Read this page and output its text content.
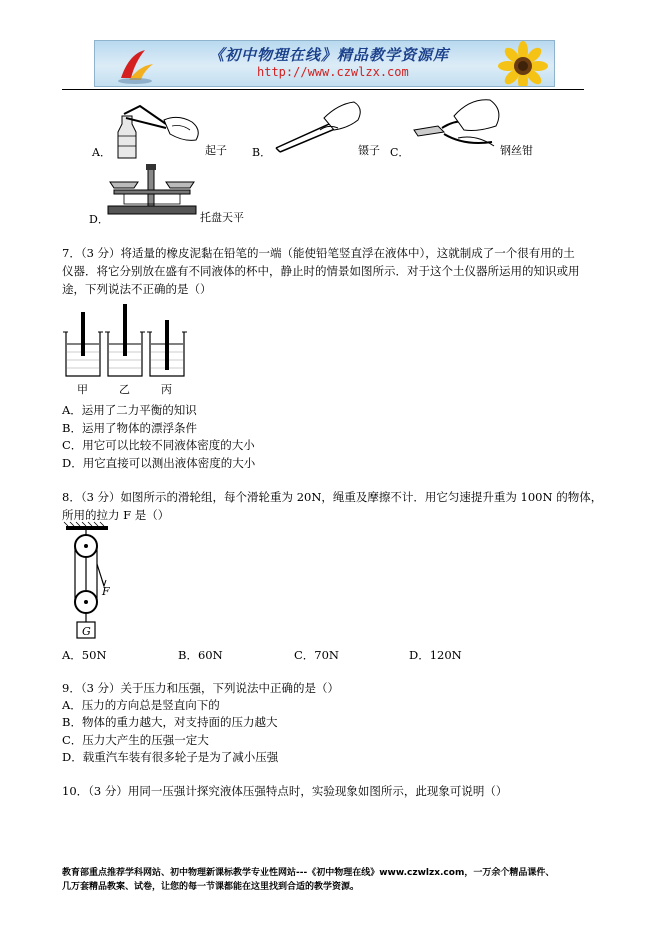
《初中物理在线》精品教学资源库
http://www.czwlzx.com
A．	起子 B．	镊子 C．	钢丝钳
D．	托盘天平
7．（3 分）将适量的橡皮泥黏在铅笔的一端（能使铅笔竖直浮在液体中），这就制成了一个很有用的土
仪器．将它分别放在盛有不同液体的杯中，静止时的情景如图所示．对于这个土仪器所运用的知识或用
途，下列说法不正确的是（）
甲	乙	丙
A．运用了二力平衡的知识
B．运用了物体的漂浮条件
C．用它可以比较不同液体密度的大小
D．用它直接可以测出液体密度的大小
8．（3 分）如图所示的滑轮组，每个滑轮重为 20N，绳重及摩擦不计．用它匀速提升重为 100N 的物体，
所用的拉力 F 是（）
F
G
A．50N	B．60N	C．70N	D．120N
9．（3 分）关于压力和压强，下列说法中正确的是（）
A．压力的方向总是竖直向下的
B．物体的重力越大，对支持面的压力越大
C．压力大产生的压强一定大
D．载重汽车装有很多轮子是为了减小压强
10．（3 分）用同一压强计探究液体压强特点时，实验现象如图所示，此现象可说明（）
教育部重点推荐学科网站、初中物理新课标教学专业性网站---《初中物理在线》www.czwlzx.com，一万余个精品课件、
几万套精品教案、试卷，让您的每一节课都能在这里找到合适的教学资源。
